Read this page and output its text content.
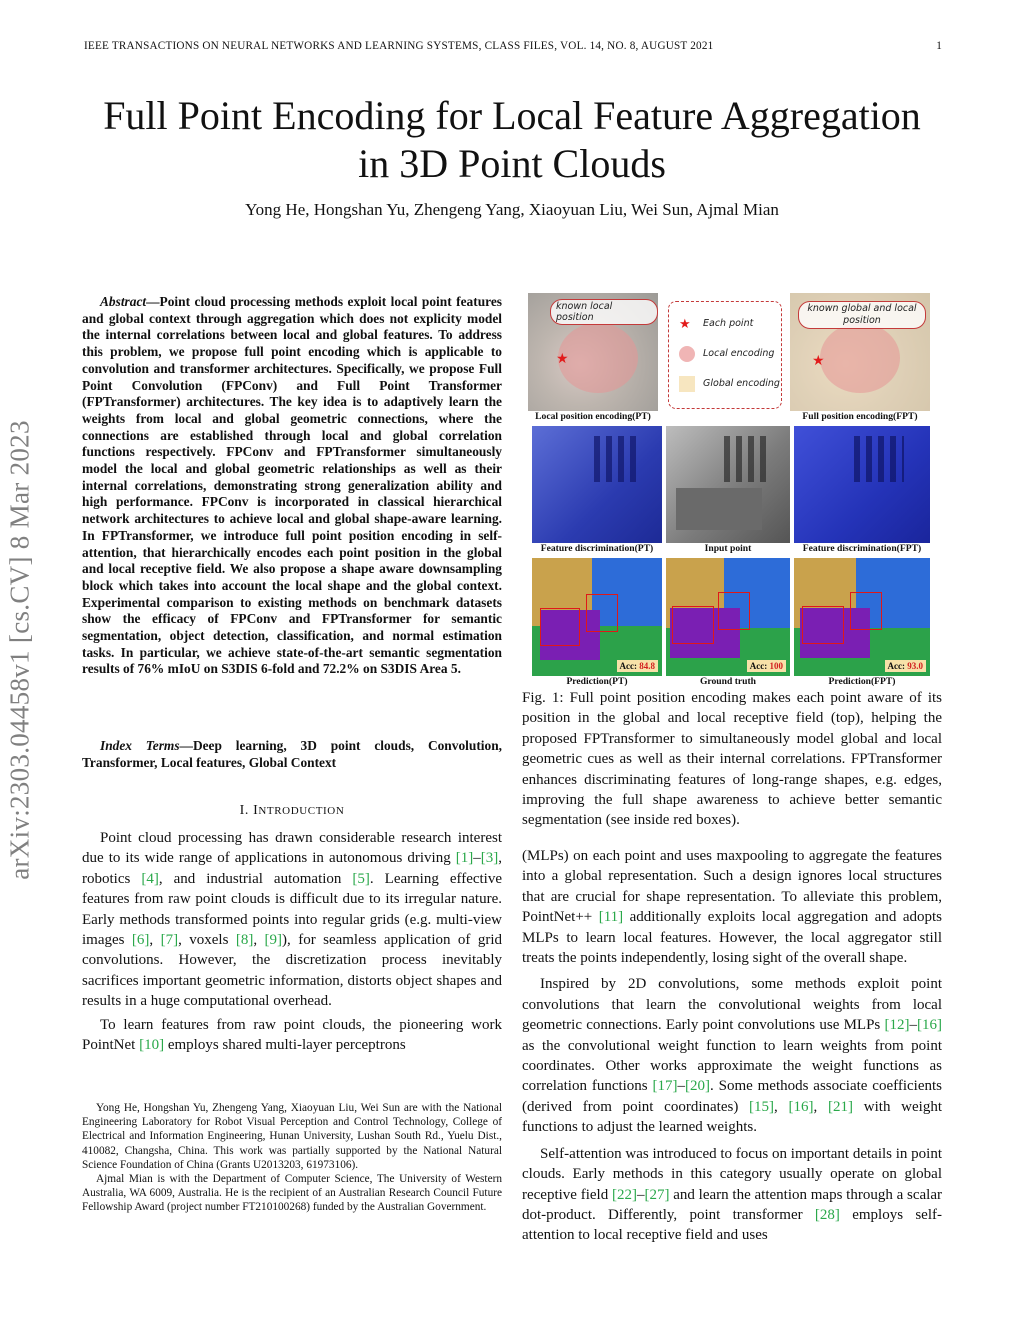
IEEE TRANSACTIONS ON NEURAL NETWORKS AND LEARNING SYSTEMS, CLASS FILES, VOL. 14, NO. 8, AUGUST 2021	1
arXiv:2303.04458v1 [cs.CV] 8 Mar 2023
Full Point Encoding for Local Feature Aggregation
in 3D Point Clouds
Yong He, Hongshan Yu, Zhengeng Yang, Xiaoyuan Liu, Wei Sun, Ajmal Mian
Abstract—Point cloud processing methods exploit local point features and global context through aggregation which does not explicity model the internal correlations between local and global features. To address this problem, we propose full point encoding which is applicable to convolution and transformer architectures. Specifically, we propose Full Point Convolution (FPConv) and Full Point Transformer (FPTransformer) architectures. The key idea is to adaptively learn the weights from local and global geometric connections, where the connections are established through local and global correlation functions respectively. FPConv and FPTransformer simultaneously model the local and global geometric relationships as well as their internal correlations, demonstrating strong generalization ability and high performance. FPConv is incorporated in classical hierarchical network architectures to achieve local and global shape-aware learning. In FPTransformer, we introduce full point position encoding in self-attention, that hierarchically encodes each point position in the global and local receptive field. We also propose a shape aware downsampling block which takes into account the local shape and the global context. Experimental comparison to existing methods on benchmark datasets show the efficacy of FPConv and FPTransformer for semantic segmentation, object detection, classification, and normal estimation tasks. In particular, we achieve state-of-the-art semantic segmentation results of 76% mIoU on S3DIS 6-fold and 72.2% on S3DIS Area 5.
Index Terms—Deep learning, 3D point clouds, Convolution, Transformer, Local features, Global Context
I. INTRODUCTION

Point cloud processing has drawn considerable research interest due to its wide range of applications in autonomous driving [1]–[3], robotics [4], and industrial automation [5]. Learning effective features from raw point clouds is difficult due to its irregular nature. Early methods transformed points into regular grids (e.g. multi-view images [6], [7], voxels [8], [9]), for seamless application of grid convolutions. However, the discretization process inevitably sacrifices important geometric information, distorts object shapes and results in a huge computational overhead.

To learn features from raw point clouds, the pioneering work PointNet [10] employs shared multi-layer perceptrons

Yong He, Hongshan Yu, Zhengeng Yang, Xiaoyuan Liu, Wei Sun are with the National Engineering Laboratory for Robot Visual Perception and Control Technology, College of Electrical and Information Engineering, Hunan University, Lushan South Rd., Yuelu Dist., 410082, Changsha, China. This work was partially supported by the National Natural Science Foundation of China (Grants U2013203, 61973106).

Ajmal Mian is with the Department of Computer Science, The University of Western Australia, WA 6009, Australia. He is the recipient of an Australian Research Council Future Fellowship Award (project number FT210100268) funded by the Australian Government.

known local position
★
★ Each point
Local encoding
Global encoding
known global and local position
★
Local position encoding(PT)	Full position encoding(FPT)
Feature discrimination(PT)	Input point	Feature discrimination(FPT)
Acc: 84.8	Acc: 100	Acc: 93.0
Prediction(PT)	Ground truth	Prediction(FPT)
Fig. 1: Full point position encoding makes each point aware of its position in the global and local receptive field (top), helping the proposed FPTransformer to simultaneously model global and local geometric cues as well as their internal correlations. FPTransformer enhances discriminating features of long-range shapes, e.g. edges, improving the full shape awareness to achieve better semantic segmentation (see inside red boxes).

(MLPs) on each point and uses maxpooling to aggregate the features into a global representation. Such a design ignores local structures that are crucial for shape representation. To alleviate this problem, PointNet++ [11] additionally exploits local aggregation and adopts MLPs to learn local features. However, the local aggregator still treats the points independently, losing sight of the overall shape.

Inspired by 2D convolutions, some methods exploit point convolutions that learn the convolutional weights from local geometric connections. Early point convolutions use MLPs [12]–[16] as the convolutional weight function to learn weights from point coordinates. Other works approximate the weight functions as correlation functions [17]–[20]. Some methods associate coefficients (derived from point coordinates) [15], [16], [21] with weight functions to adjust the learned weights.

Self-attention was introduced to focus on important details in point clouds. Early methods in this category usually operate on global receptive field [22]–[27] and learn the attention maps through a scalar dot-product. Differently, point transformer [28] employs self-attention to local receptive field and uses
